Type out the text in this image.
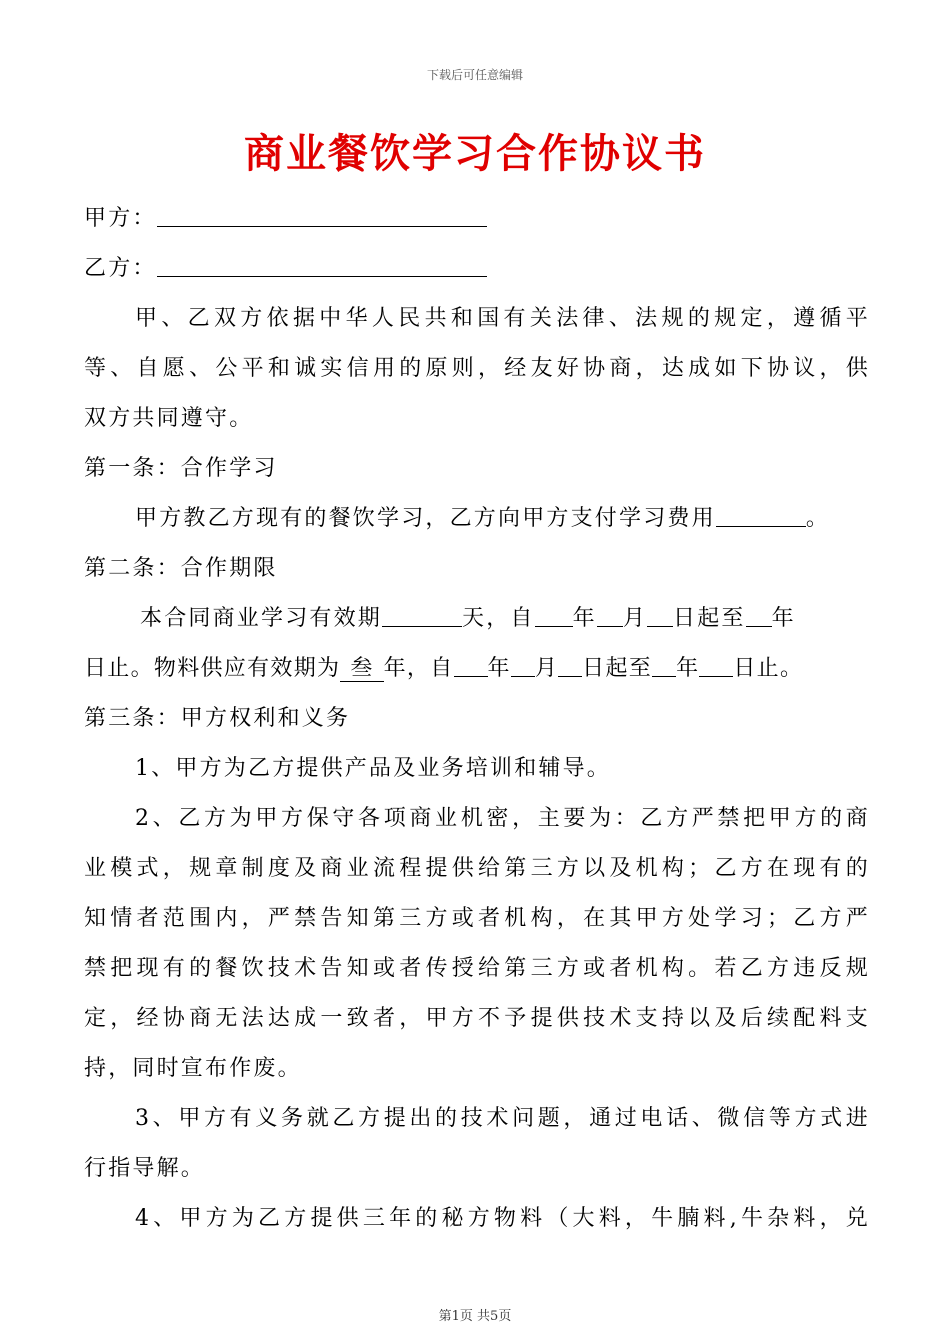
下载后可任意编辑
商业餐饮学习合作协议书
甲方：
乙方：
甲、乙双方依据中华人民共和国有关法律、法规的规定，遵循平
等、自愿、公平和诚实信用的原则，经友好协商，达成如下协议，供
双方共同遵守。
第一条：合作学习
甲方教乙方现有的餐饮学习，乙方向甲方支付学习费用	。
第二条：合作期限
本合同商业学习有效期	天，自 年 月 日起至 年
日止。物料供应有效期为 叁 年，自 年 月 日起至 年 日止。
第三条：甲方权利和义务
1、甲方为乙方提供产品及业务培训和辅导。
2、乙方为甲方保守各项商业机密，主要为：乙方严禁把甲方的商
业模式，规章制度及商业流程提供给第三方以及机构；乙方在现有的
知情者范围内，严禁告知第三方或者机构，在其甲方处学习；乙方严
禁把现有的餐饮技术告知或者传授给第三方或者机构。若乙方违反规
定，经协商无法达成一致者，甲方不予提供技术支持以及后续配料支
持，同时宣布作废。
3、甲方有义务就乙方提出的技术问题，通过电话、微信等方式进
行指导解。
4、甲方为乙方提供三年的秘方物料（大料，牛腩料,牛杂料，兑
第1页 共5页
